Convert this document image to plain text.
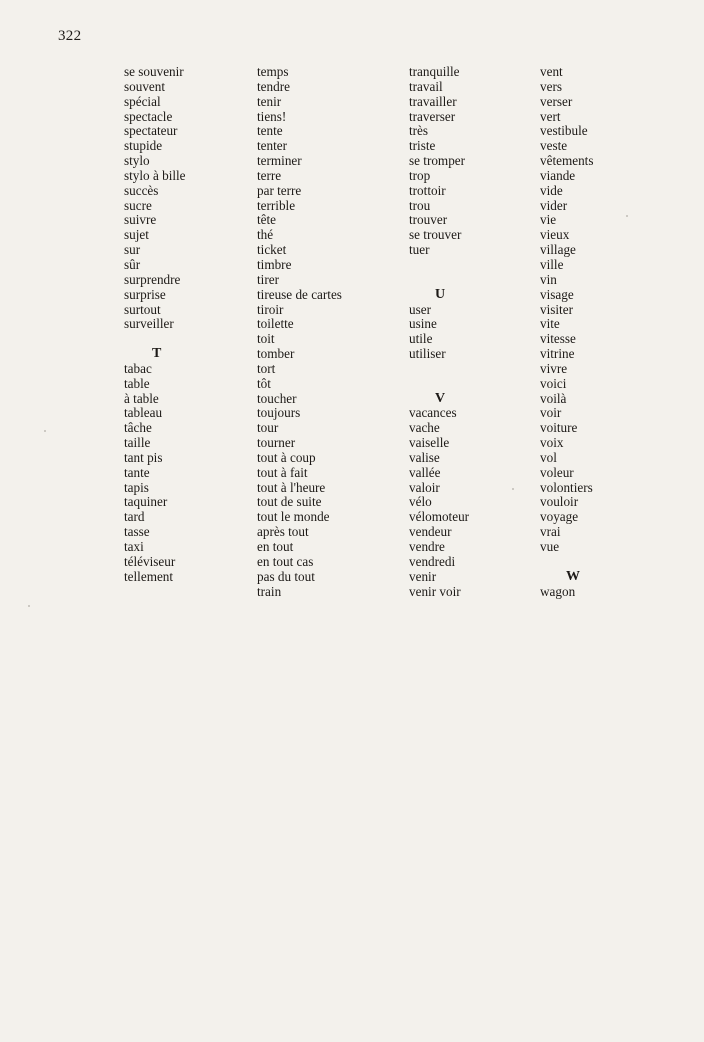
322
se souvenir
souvent
spécial
spectacle
spectateur
stupide
stylo
stylo à bille
succès
sucre
suivre
sujet
sur
sûr
surprendre
surprise
surtout
surveiller
T
tabac
table
à table
tableau
tâche
taille
tant pis
tante
tapis
taquiner
tard
tasse
taxi
téléviseur
tellement
temps
tendre
tenir
tiens!
tente
tenter
terminer
terre
par terre
terrible
tête
thé
ticket
timbre
tirer
tireuse de cartes
tiroir
toilette
toit
tomber
tort
tôt
toucher
toujours
tour
tourner
tout à coup
tout à fait
tout à l'heure
tout de suite
tout le monde
après tout
en tout
en tout cas
pas du tout
train
tranquille
travail
travailler
traverser
très
triste
se tromper
trop
trottoir
trou
trouver
se trouver
tuer
U
user
usine
utile
utiliser
V
vacances
vache
vaiselle
valise
vallée
valoir
vélo
vélomoteur
vendeur
vendre
vendredi
venir
venir voir
vent
vers
verser
vert
vestibule
veste
vêtements
viande
vide
vider
vie
vieux
village
ville
vin
visage
visiter
vite
vitesse
vitrine
vivre
voici
voilà
voir
voiture
voix
vol
voleur
volontiers
vouloir
voyage
vrai
vue
W
wagon
